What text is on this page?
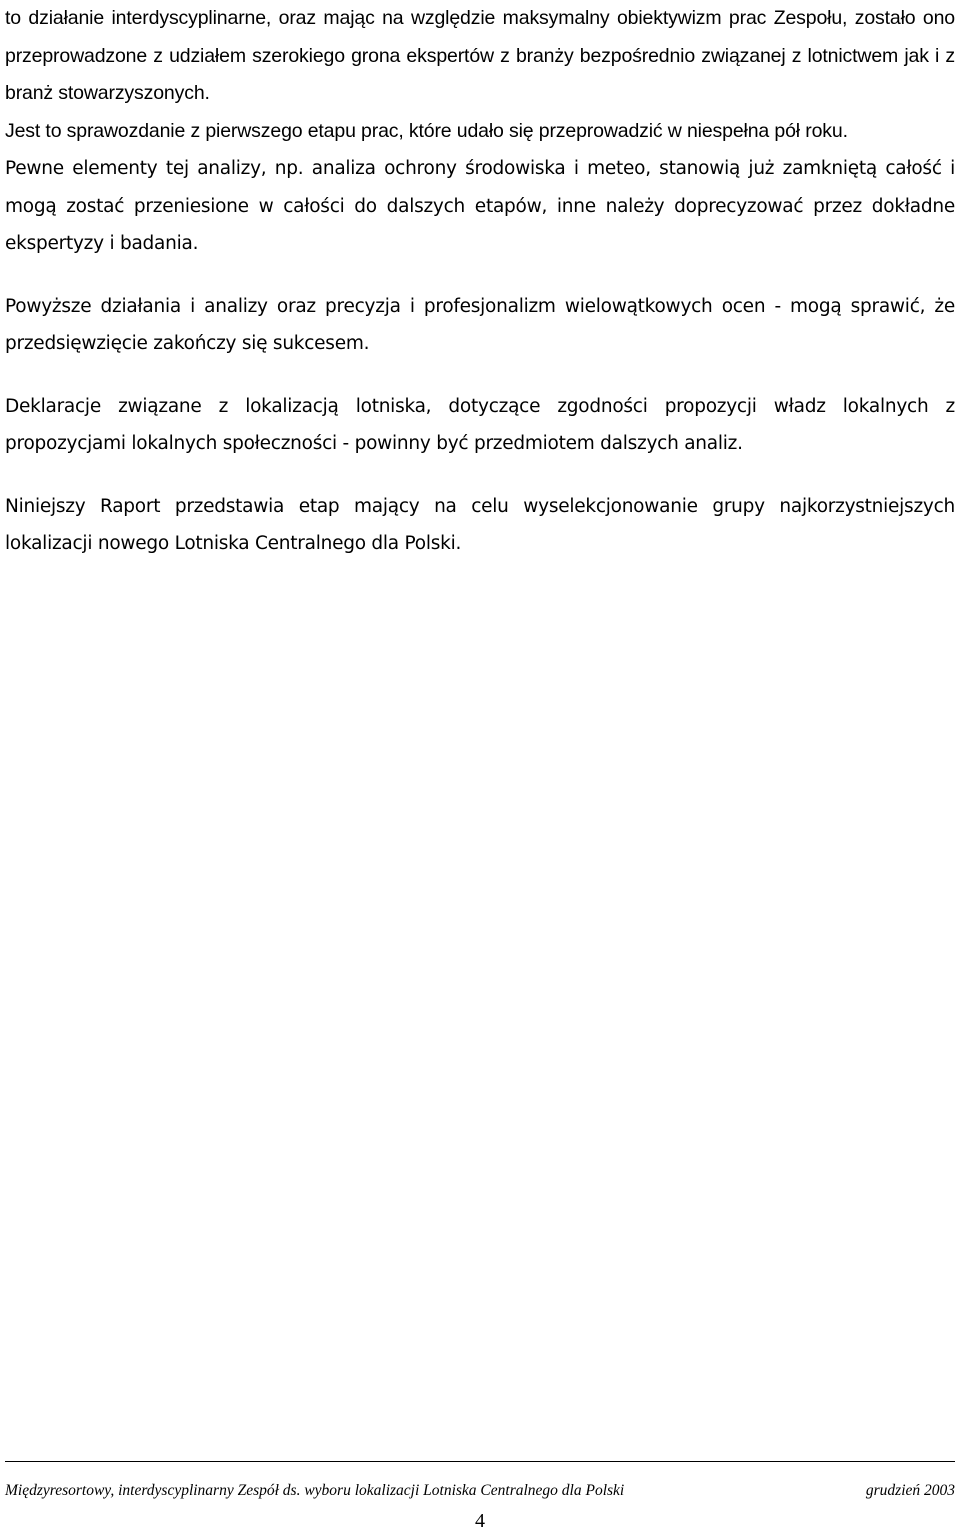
to działanie interdyscyplinarne, oraz mając na względzie maksymalny obiektywizm prac Zespołu, zostało ono przeprowadzone z udziałem szerokiego grona ekspertów z branży bezpośrednio związanej z lotnictwem jak i z branż stowarzyszonych.

Jest to sprawozdanie z pierwszego etapu prac, które udało się przeprowadzić w niespełna pół roku.

Pewne elementy tej analizy, np. analiza ochrony środowiska i meteo, stanowią już zamkniętą całość i mogą zostać przeniesione w całości do dalszych etapów, inne należy doprecyzować przez dokładne ekspertyzy i badania.

Powyższe działania i analizy oraz precyzja i profesjonalizm wielowątkowych ocen - mogą sprawić, że przedsięwzięcie zakończy się sukcesem.

Deklaracje związane z lokalizacją lotniska, dotyczące zgodności propozycji władz lokalnych z propozycjami lokalnych społeczności - powinny być przedmiotem dalszych analiz.

Niniejszy Raport przedstawia etap mający na celu wyselekcjonowanie grupy najkorzystniejszych lokalizacji nowego Lotniska Centralnego dla Polski.

Międzyresortowy, interdyscyplinarny Zespół ds. wyboru lokalizacji Lotniska Centralnego dla Polski	grudzień 2003
4
